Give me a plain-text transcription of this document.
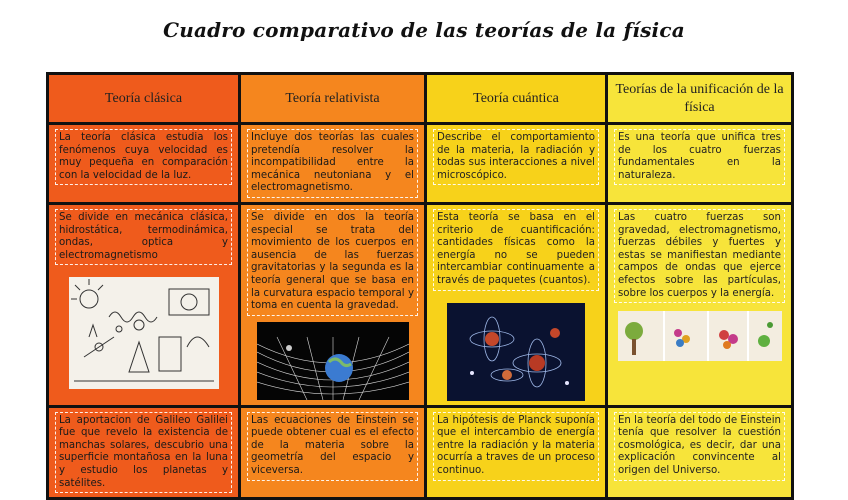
Cuadro comparativo de las teorías de la física
Teoría clásica	Teoría relativista	Teoría cuántica	Teorías de la unificación de la física

La teoría clásica estudia los fenómenos cuya velocidad es muy pequeña en comparación con la velocidad de la luz.	Incluye dos teorías las cuales pretendía resolver la incompatibilidad entre la mecánica neutoniana y el electromagnetismo.	Describe el comportamiento de la materia, la radiación y todas sus interacciones a nivel microscópico.	Es una teoría que unifica tres de los cuatro fuerzas fundamentales en la naturaleza.

Se divide en mecánica clásica, hidrostática, termodinámica, ondas, optica y electromagnetismo	Se divide en dos la teoría especial se trata del movimiento de los cuerpos en ausencia de las fuerzas gravitatorias y la segunda es la teoría general que se basa en la curvatura espacio temporal y toma en cuenta la gravedad.	Esta teoría se basa en el criterio de cuantificación: cantidades físicas como la energía no se pueden intercambiar continuamente a través de paquetes (cuantos).	Las cuatro fuerzas son gravedad, electromagnetismo, fuerzas débiles y fuertes y estas se manifiestan mediante campos de ondas que ejerce efectos sobre las partículas, sobre los cuerpos y la energía.

La aportacion de Galileo Galilei fue que revelo la existencia de manchas solares, descubrio una superficie montañosa en la luna y estudio los planetas y satélites.	Las ecuaciones de Einstein se puede obtener cual es el efecto de la materia sobre la geometría del espacio y viceversa.	La hipótesis de Planck suponía que el intercambio de energía entre la radiación y la materia ocurría a traves de un proceso continuo.	En la teoría del todo de Einstein tenía que resolver la cuestión cosmológica, es decir, dar una explicación convincente al origen del Universo.
